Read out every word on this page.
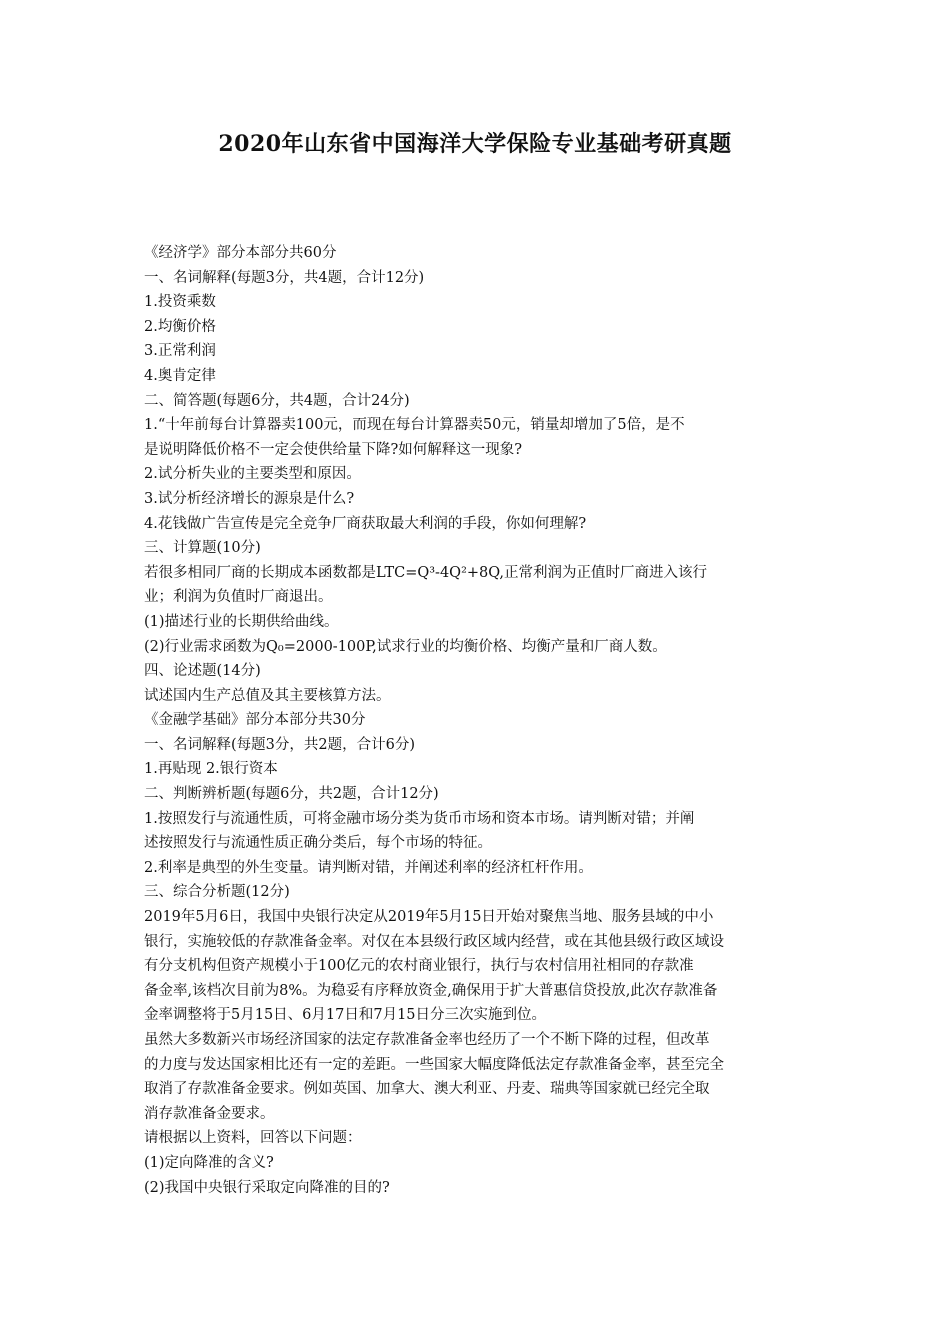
2020年山东省中国海洋大学保险专业基础考研真题
《经济学》部分本部分共60分
一、名词解释(每题3分，共4题，合计12分)
1.投资乘数
2.均衡价格
3.正常利润
4.奥肯定律
二、简答题(每题6分，共4题，合计24分)
1.“十年前每台计算器卖100元，而现在每台计算器卖50元，销量却增加了5倍，是不
是说明降低价格不一定会使供给量下降?如何解释这一现象?
2.试分析失业的主要类型和原因。
3.试分析经济增长的源泉是什么?
4.花钱做广告宣传是完全竞争厂商获取最大利润的手段，你如何理解?
三、计算题(10分)
若很多相同厂商的长期成本函数都是LTC=Q³-4Q²+8Q,正常利润为正值时厂商进入该行
业；利润为负值时厂商退出。
(1)描述行业的长期供给曲线。
(2)行业需求函数为Q₀=2000-100P,试求行业的均衡价格、均衡产量和厂商人数。
四、论述题(14分)
试述国内生产总值及其主要核算方法。
《金融学基础》部分本部分共30分
一、名词解释(每题3分，共2题，合计6分)
1.再贴现 2.银行资本
二、判断辨析题(每题6分，共2题，合计12分)
1.按照发行与流通性质，可将金融市场分类为货币市场和资本市场。请判断对错；并阐
述按照发行与流通性质正确分类后，每个市场的特征。
2.利率是典型的外生变量。请判断对错，并阐述利率的经济杠杆作用。
三、综合分析题(12分)
2019年5月6日，我国中央银行决定从2019年5月15日开始对聚焦当地、服务县域的中小
银行，实施较低的存款准备金率。对仅在本县级行政区域内经营，或在其他县级行政区域设
有分支机构但资产规模小于100亿元的农村商业银行，执行与农村信用社相同的存款准
备金率,该档次目前为8%。为稳妥有序释放资金,确保用于扩大普惠信贷投放,此次存款准备
金率调整将于5月15日、6月17日和7月15日分三次实施到位。
虽然大多数新兴市场经济国家的法定存款准备金率也经历了一个不断下降的过程，但改革
的力度与发达国家相比还有一定的差距。一些国家大幅度降低法定存款准备金率，甚至完全
取消了存款准备金要求。例如英国、加拿大、澳大利亚、丹麦、瑞典等国家就已经完全取
消存款准备金要求。
请根据以上资料，回答以下问题：
(1)定向降准的含义?
(2)我国中央银行采取定向降准的目的?
